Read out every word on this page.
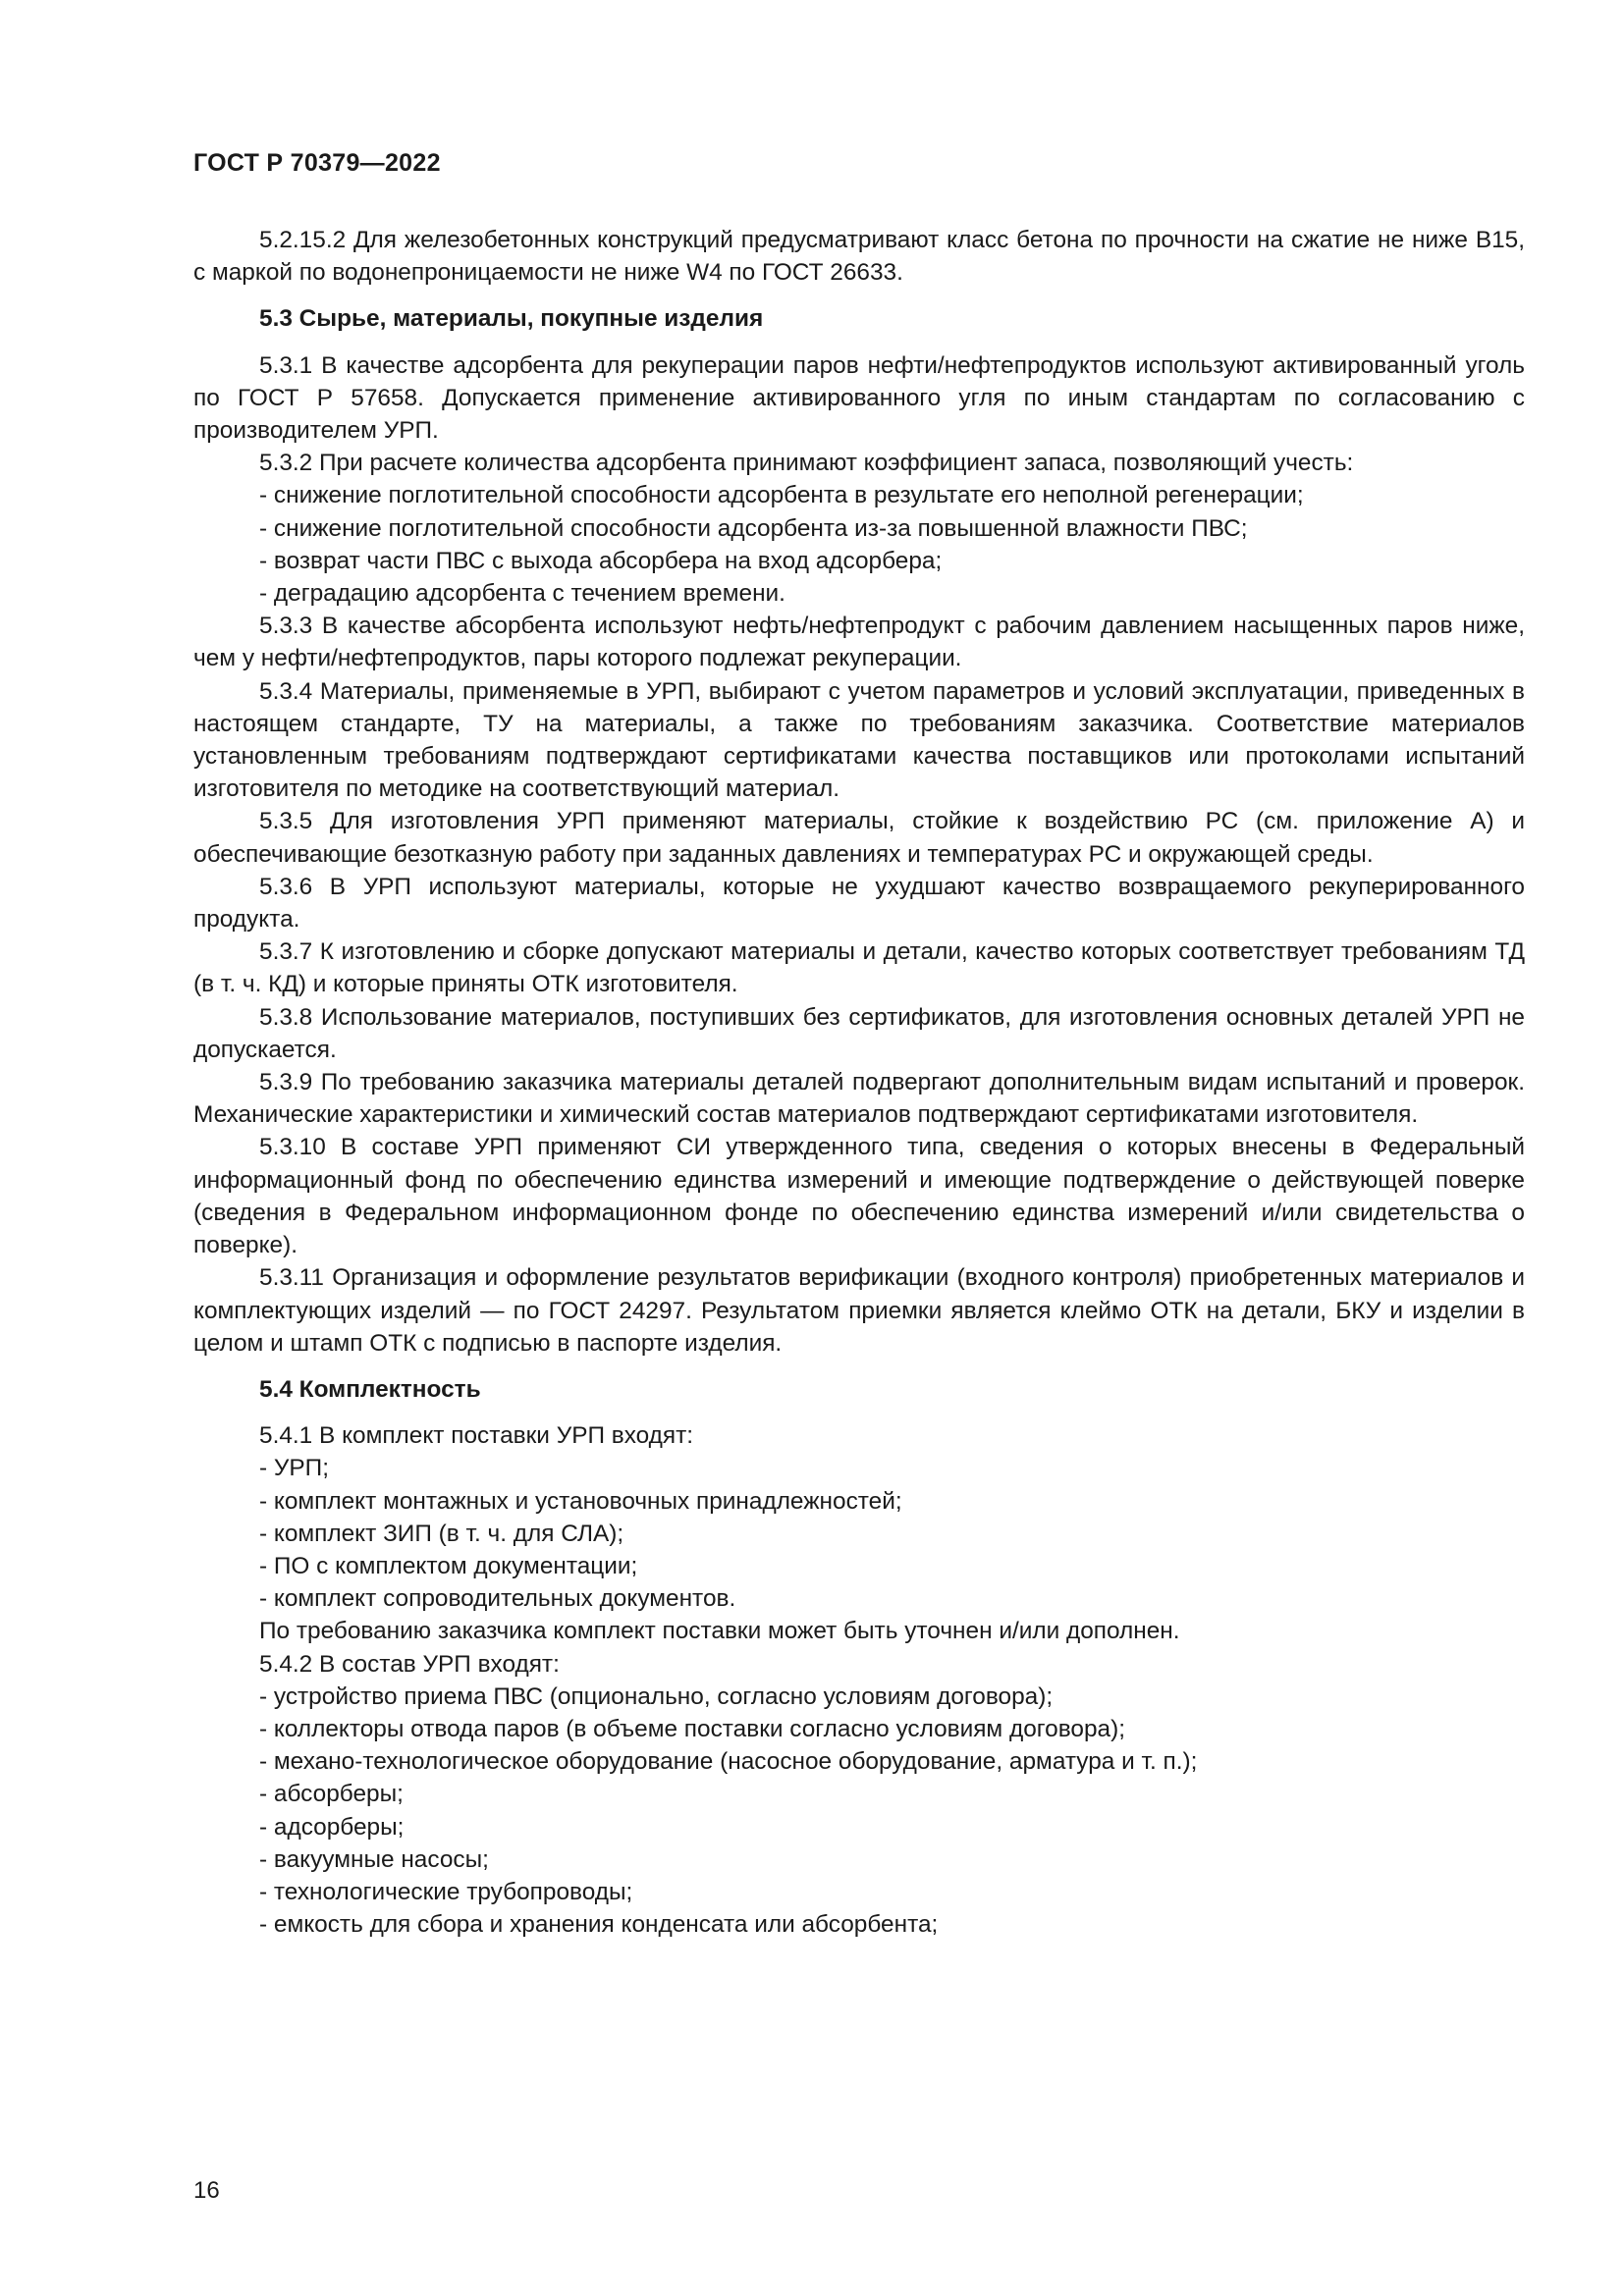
ГОСТ Р 70379—2022

5.2.15.2 Для железобетонных конструкций предусматривают класс бетона по прочности на сжатие не ниже В15, с маркой по водонепроницаемости не ниже W4 по ГОСТ 26633.

5.3 Сырье, материалы, покупные изделия

5.3.1 В качестве адсорбента для рекуперации паров нефти/нефтепродуктов используют активированный уголь по ГОСТ Р 57658. Допускается применение активированного угля по иным стандартам по согласованию с производителем УРП.

5.3.2 При расчете количества адсорбента принимают коэффициент запаса, позволяющий учесть:

- снижение поглотительной способности адсорбента в результате его неполной регенерации;
- снижение поглотительной способности адсорбента из-за повышенной влажности ПВС;
- возврат части ПВС с выхода абсорбера на вход адсорбера;
- деградацию адсорбента с течением времени.

5.3.3 В качестве абсорбента используют нефть/нефтепродукт с рабочим давлением насыщенных паров ниже, чем у нефти/нефтепродуктов, пары которого подлежат рекуперации.

5.3.4 Материалы, применяемые в УРП, выбирают с учетом параметров и условий эксплуатации, приведенных в настоящем стандарте, ТУ на материалы, а также по требованиям заказчика. Соответствие материалов установленным требованиям подтверждают сертификатами качества поставщиков или протоколами испытаний изготовителя по методике на соответствующий материал.

5.3.5 Для изготовления УРП применяют материалы, стойкие к воздействию РС (см. приложение А) и обеспечивающие безотказную работу при заданных давлениях и температурах РС и окружающей среды.

5.3.6 В УРП используют материалы, которые не ухудшают качество возвращаемого рекуперированного продукта.

5.3.7 К изготовлению и сборке допускают материалы и детали, качество которых соответствует требованиям ТД (в т. ч. КД) и которые приняты ОТК изготовителя.

5.3.8 Использование материалов, поступивших без сертификатов, для изготовления основных деталей УРП не допускается.

5.3.9 По требованию заказчика материалы деталей подвергают дополнительным видам испытаний и проверок. Механические характеристики и химический состав материалов подтверждают сертификатами изготовителя.

5.3.10 В составе УРП применяют СИ утвержденного типа, сведения о которых внесены в Федеральный информационный фонд по обеспечению единства измерений и имеющие подтверждение о действующей поверке (сведения в Федеральном информационном фонде по обеспечению единства измерений и/или свидетельства о поверке).

5.3.11 Организация и оформление результатов верификации (входного контроля) приобретенных материалов и комплектующих изделий — по ГОСТ 24297. Результатом приемки является клеймо ОТК на детали, БКУ и изделии в целом и штамп ОТК с подписью в паспорте изделия.

5.4 Комплектность
5.4.1 В комплект поставки УРП входят:
- УРП;
- комплект монтажных и установочных принадлежностей;
- комплект ЗИП (в т. ч. для СЛА);
- ПО с комплектом документации;
- комплект сопроводительных документов.
По требованию заказчика комплект поставки может быть уточнен и/или дополнен.
5.4.2 В состав УРП входят:
- устройство приема ПВС (опционально, согласно условиям договора);
- коллекторы отвода паров (в объеме поставки согласно условиям договора);
- механо-технологическое оборудование (насосное оборудование, арматура и т. п.);
- абсорберы;
- адсорберы;
- вакуумные насосы;
- технологические трубопроводы;
- емкость для сбора и хранения конденсата или абсорбента;
16
